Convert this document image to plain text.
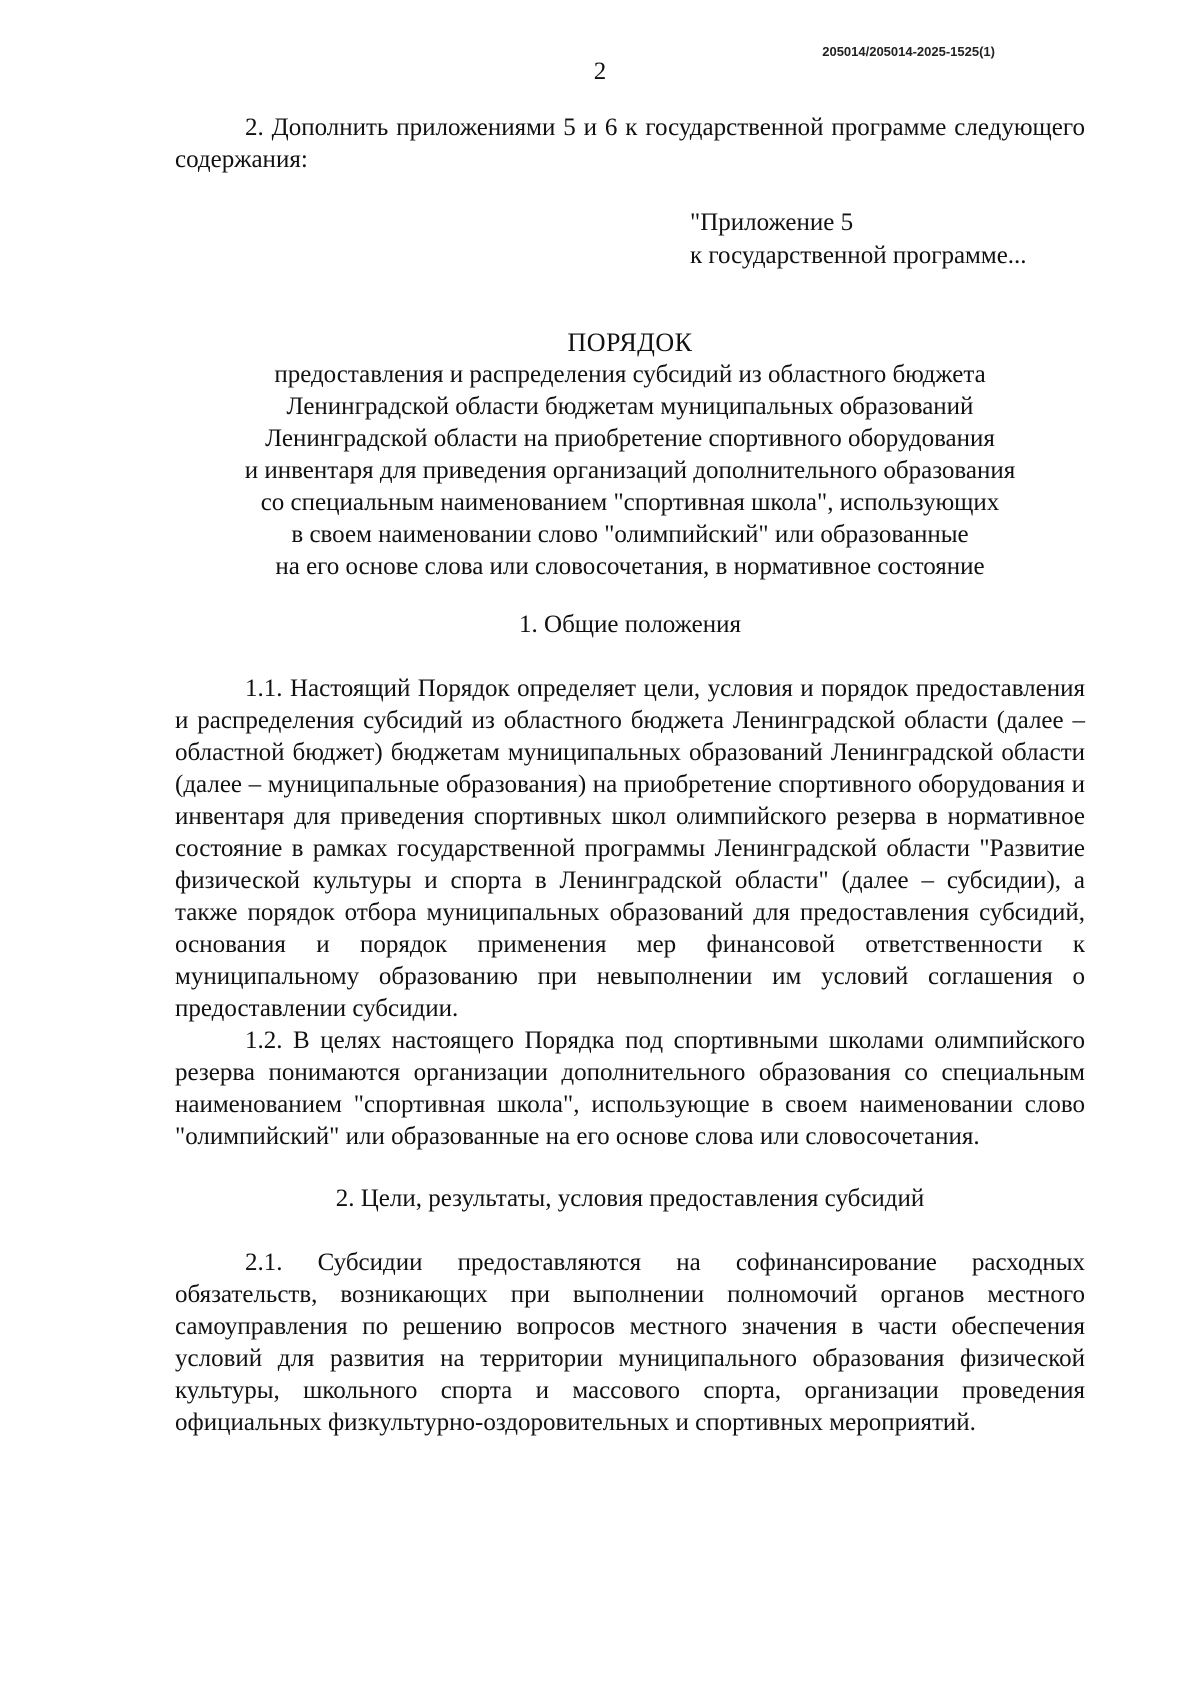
205014/205014-2025-1525(1)
2

2. Дополнить приложениями 5 и 6 к государственной программе следующего содержания:

"Приложение 5
к государственной программе...
ПОРЯДОК
предоставления и распределения субсидий из областного бюджета
Ленинградской области бюджетам муниципальных образований
Ленинградской области на приобретение спортивного оборудования
и инвентаря для приведения организаций дополнительного образования
со специальным наименованием "спортивная школа", использующих
в своем наименовании слово "олимпийский" или образованные
на его основе слова или словосочетания, в нормативное состояние
1. Общие положения

1.1. Настоящий Порядок определяет цели, условия и порядок предоставления и распределения субсидий из областного бюджета Ленинградской области (далее – областной бюджет) бюджетам муниципальных образований Ленинградской области (далее – муниципальные образования) на приобретение спортивного оборудования и инвентаря для приведения спортивных школ олимпийского резерва в нормативное состояние в рамках государственной программы Ленинградской области "Развитие физической культуры и спорта в Ленинградской области" (далее – субсидии), а также порядок отбора муниципальных образований для предоставления субсидий, основания и порядок применения мер финансовой ответственности к муниципальному образованию при невыполнении им условий соглашения о предоставлении субсидии.

1.2. В целях настоящего Порядка под спортивными школами олимпийского резерва понимаются организации дополнительного образования со специальным наименованием "спортивная школа", использующие в своем наименовании слово "олимпийский" или образованные на его основе слова или словосочетания.

2. Цели, результаты, условия предоставления субсидий

2.1. Субсидии предоставляются на софинансирование расходных обязательств, возникающих при выполнении полномочий органов местного самоуправления по решению вопросов местного значения в части обеспечения условий для развития на территории муниципального образования физической культуры, школьного спорта и массового спорта, организации проведения официальных физкультурно-оздоровительных и спортивных мероприятий.
